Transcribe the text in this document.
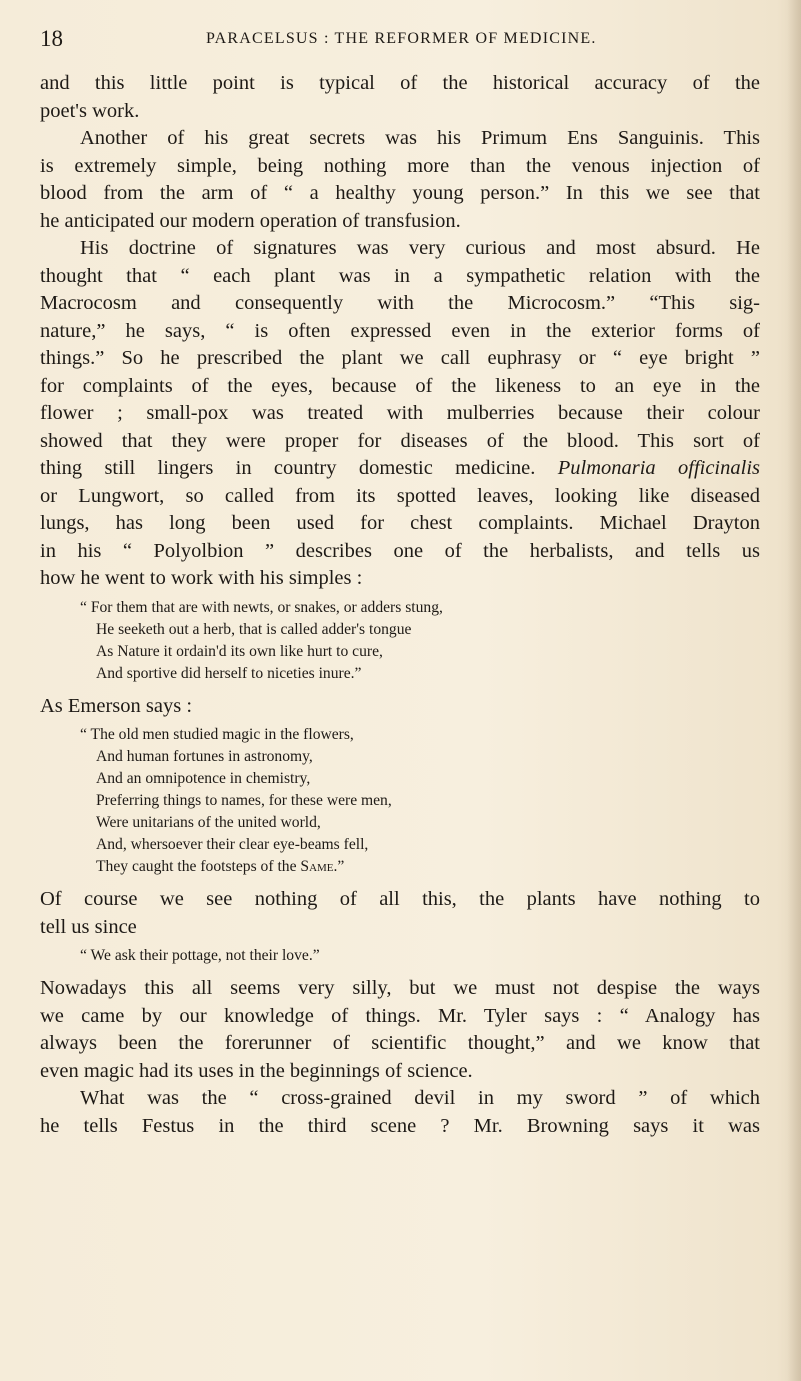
18	PARACELSUS : THE REFORMER OF MEDICINE.
and this little point is typical of the historical accuracy of the
poet's work.
Another of his great secrets was his Primum Ens Sanguinis. This
is extremely simple, being nothing more than the venous injection of
blood from the arm of “ a healthy young person.” In this we see that
he anticipated our modern operation of transfusion.
His doctrine of signatures was very curious and most absurd. He
thought that “ each plant was in a sympathetic relation with the
Macrocosm and consequently with the Microcosm.” “This sig-
nature,” he says, “ is often expressed even in the exterior forms of
things.” So he prescribed the plant we call euphrasy or “ eye bright ”
for complaints of the eyes, because of the likeness to an eye in the
flower ; small-pox was treated with mulberries because their colour
showed that they were proper for diseases of the blood. This sort of
thing still lingers in country domestic medicine. Pulmonaria officinalis
or Lungwort, so called from its spotted leaves, looking like diseased
lungs, has long been used for chest complaints. Michael Drayton
in his “ Polyolbion ” describes one of the herbalists, and tells us
how he went to work with his simples :
“ For them that are with newts, or snakes, or adders stung,
He seeketh out a herb, that is called adder's tongue
As Nature it ordain'd its own like hurt to cure,
And sportive did herself to niceties inure.”
As Emerson says :
“ The old men studied magic in the flowers,
And human fortunes in astronomy,
And an omnipotence in chemistry,
Preferring things to names, for these were men,
Were unitarians of the united world,
And, whersoever their clear eye-beams fell,
They caught the footsteps of the Same.”
Of course we see nothing of all this, the plants have nothing to
tell us since
“ We ask their pottage, not their love.”
Nowadays this all seems very silly, but we must not despise the ways
we came by our knowledge of things. Mr. Tyler says : “ Analogy has
always been the forerunner of scientific thought,” and we know that
even magic had its uses in the beginnings of science.
What was the “ cross-grained devil in my sword ” of which
he tells Festus in the third scene ? Mr. Browning says it was
